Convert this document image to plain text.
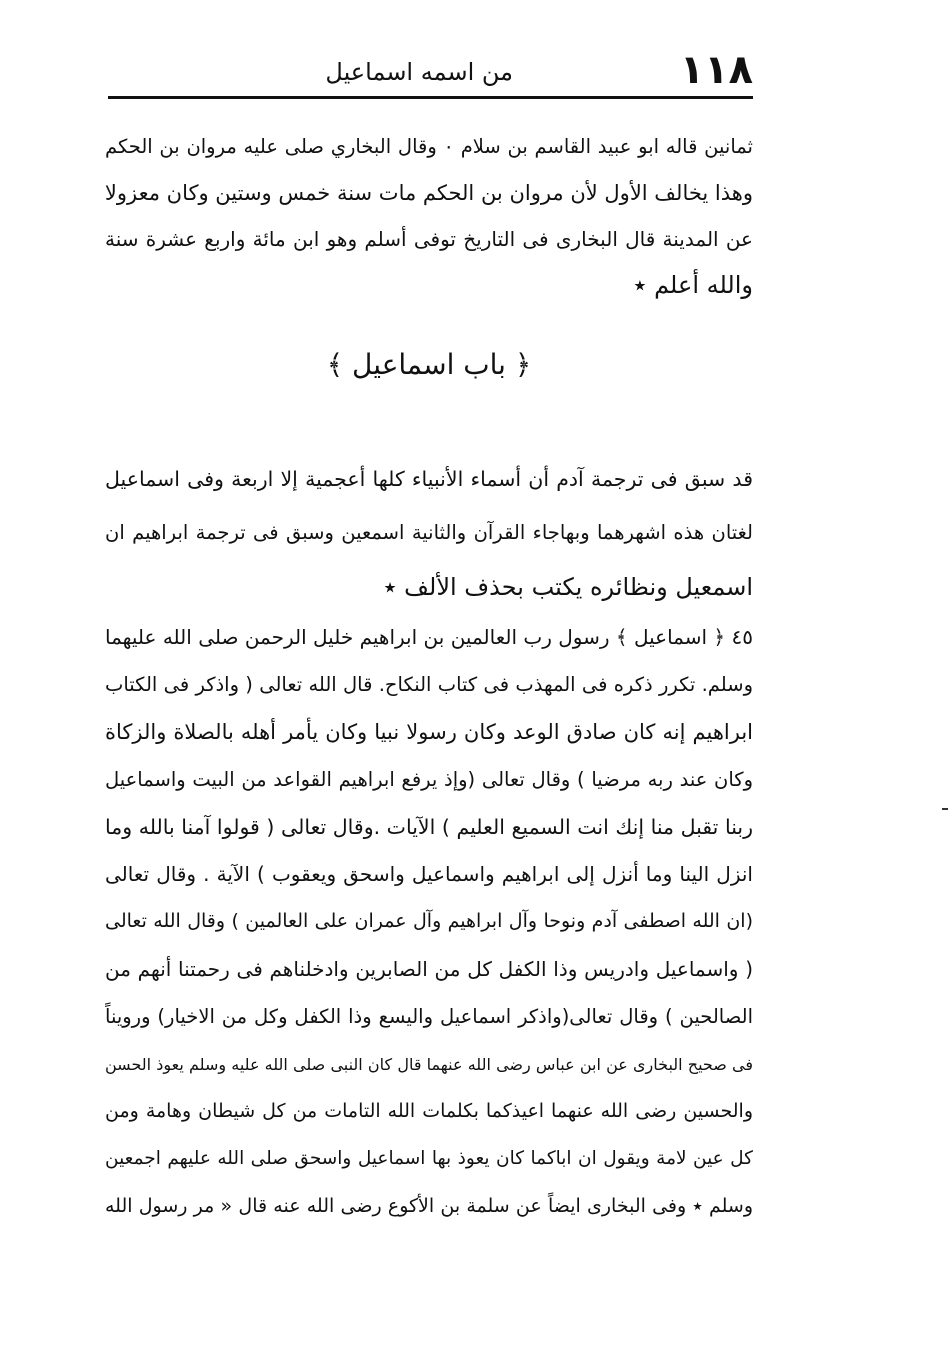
١١٨
من اسمه اسماعيل
ثمانين قاله ابو عبيد القاسم بن سلام ٠ وقال البخاري صلى عليه مروان بن الحكم
وهذا يخالف الأول لأن مروان بن الحكم مات سنة خمس وستين وكان معزولا
عن المدينة قال البخارى فى التاريخ توفى أسلم وهو ابن مائة واربع عشرة سنة
والله أعلم ٭
﴿ باب اسماعيل ﴾
قد سبق فى ترجمة آدم أن أسماء الأنبياء كلها أعجمية إلا اربعة وفى اسماعيل
لغتان هذه اشهرهما وبهاجاء القرآن والثانية اسمعين وسبق فى ترجمة ابراهيم ان
اسمعيل ونظائره يكتب بحذف الألف ٭
٤٥ ﴿ اسماعيل ﴾ رسول رب العالمين بن ابراهيم خليل الرحمن صلى الله عليهما
وسلم. تكرر ذكره فى المهذب فى كتاب النكاح. قال الله تعالى ( واذكر فى الكتاب
ابراهيم إنه كان صادق الوعد وكان رسولا نبيا وكان يأمر أهله بالصلاة والزكاة
وكان عند ربه مرضيا ) وقال تعالى (وإذ يرفع ابراهيم القواعد من البيت واسماعيل
ربنا تقبل منا إنك انت السميع العليم ) الآيات .وقال تعالى ( قولوا آمنا بالله وما
انزل الينا وما أنزل إلى ابراهيم واسماعيل واسحق ويعقوب ) الآية . وقال تعالى
(ان الله اصطفى آدم ونوحا وآل ابراهيم وآل عمران على العالمين ) وقال الله تعالى
( واسماعيل وادريس وذا الكفل كل من الصابرين وادخلناهم فى رحمتنا أنهم من
الصالحين ) وقال تعالى(واذكر اسماعيل واليسع وذا الكفل وكل من الاخيار) ورويناً
فى صحيح البخارى عن ابن عباس رضى الله عنهما قال كان النبى صلى الله عليه وسلم يعوذ الحسن
والحسين رضى الله عنهما اعيذكما بكلمات الله التامات من كل شيطان وهامة ومن
كل عين لامة ويقول ان اباكما كان يعوذ بها اسماعيل واسحق صلى الله عليهم اجمعين
وسلم ٭ وفى البخارى ايضاً عن سلمة بن الأكوع رضى الله عنه قال « مر رسول الله
